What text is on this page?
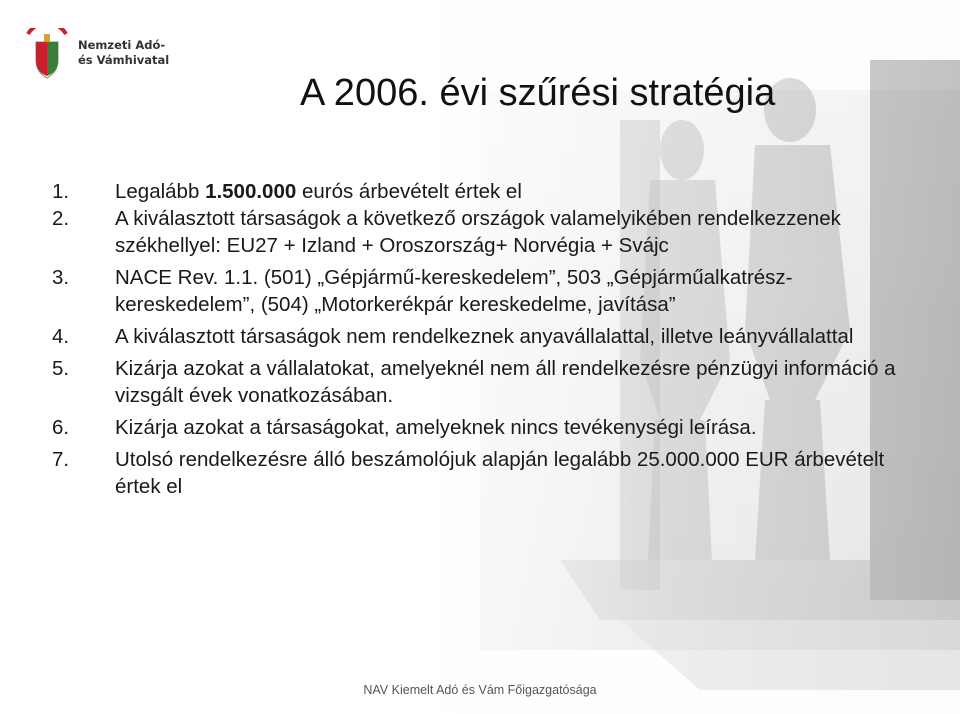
Nemzeti Adó-
és Vámhivatal
A 2006. évi szűrési stratégia
1. Legalább 1.500.000 eurós árbevételt értek el
2. A kiválasztott társaságok a következő országok valamelyikében rendelkezzenek székhellyel: EU27 + Izland + Oroszország+ Norvégia + Svájc
3. NACE Rev. 1.1. (501) „Gépjármű-kereskedelem”, 503 „Gépjárműalkatrész-kereskedelem”, (504) „Motorkerékpár kereskedelme, javítása”
4. A kiválasztott társaságok nem rendelkeznek anyavállalattal, illetve leányvállalattal
5. Kizárja azokat a vállalatokat, amelyeknél nem áll rendelkezésre pénzügyi információ a vizsgált évek vonatkozásában.
6. Kizárja azokat a társaságokat, amelyeknek nincs tevékenységi leírása.
7. Utolsó rendelkezésre álló beszámolójuk alapján legalább 25.000.000 EUR árbevételt értek el
NAV Kiemelt Adó és Vám Főigazgatósága
